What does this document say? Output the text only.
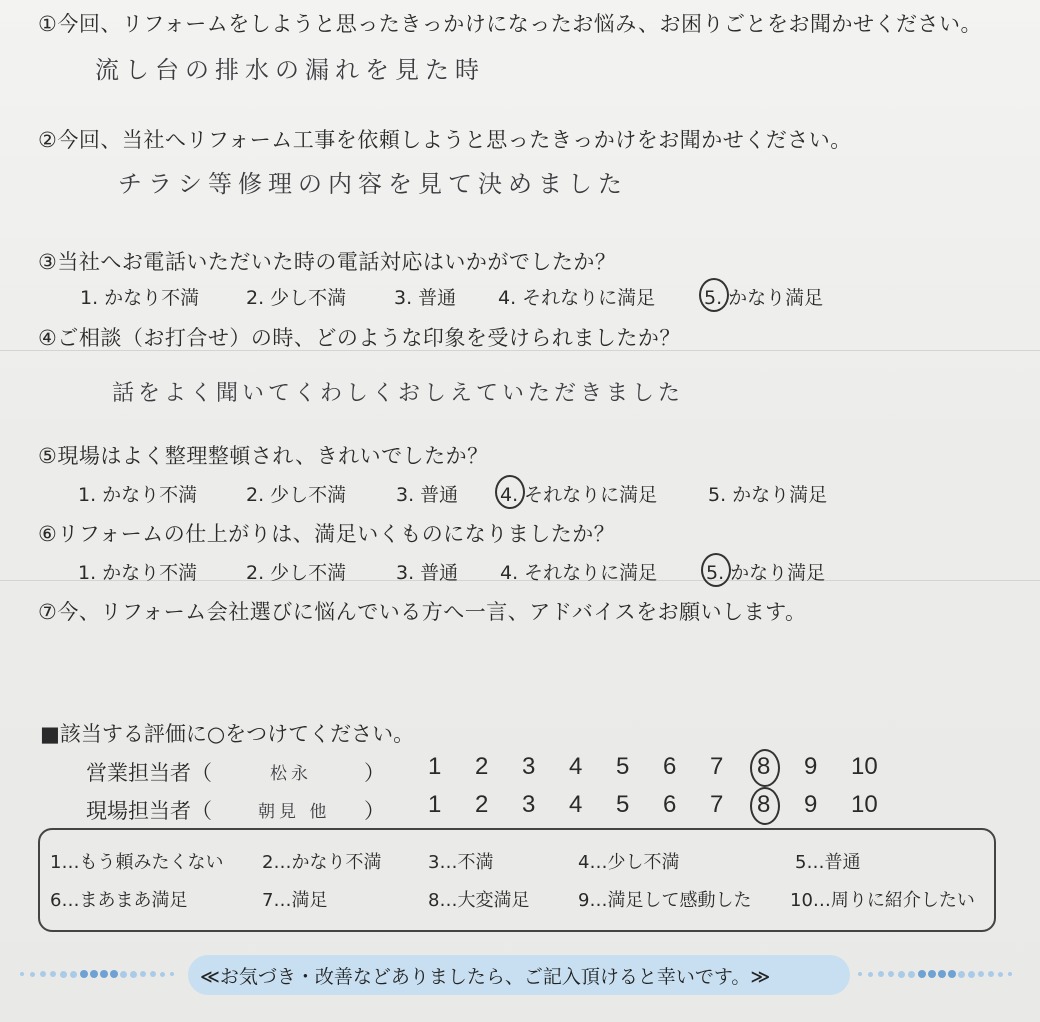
①今回、リフォームをしようと思ったきっかけになったお悩み、お困りごとをお聞かせください。
流し台の排水の漏れを見た時
②今回、当社へリフォーム工事を依頼しようと思ったきっかけをお聞かせください。
チラシ等修理の内容を見て決めました
③当社へお電話いただいた時の電話対応はいかがでしたか？
1. かなり不満 2. 少し不満	3. 普通 4. それなりに満足	5. かなり満足
④ご相談（お打合せ）の時、どのような印象を受けられましたか？
話をよく聞いてくわしくおしえていただきました
⑤現場はよく整理整頓され、きれいでしたか？
1. かなり不満	2. 少し不満	3. 普通 4. それなりに満足	5. かなり満足
⑥リフォームの仕上がりは、満足いくものになりましたか？
1. かなり不満	2. 少し不満	3. 普通 4. それなりに満足	5. かなり満足
⑦今、リフォーム会社選びに悩んでいる方へ一言、アドバイスをお願いします。
■該当する評価に○をつけてください。
営業担当者（	松永 ）
現場担当者（	朝見 他 ）
1 2 3 4 5 6 7 8 9 10
1 2 3 4 5 6 7 8 9 10
1…もう頼みたくない 2…かなり不満	3…不満	4…少し不満	5…普通
6…まあまあ満足	7…満足	8…大変満足	9…満足して感動した 10…周りに紹介したい
≪お気づき・改善などありましたら、ご記入頂けると幸いです。≫
